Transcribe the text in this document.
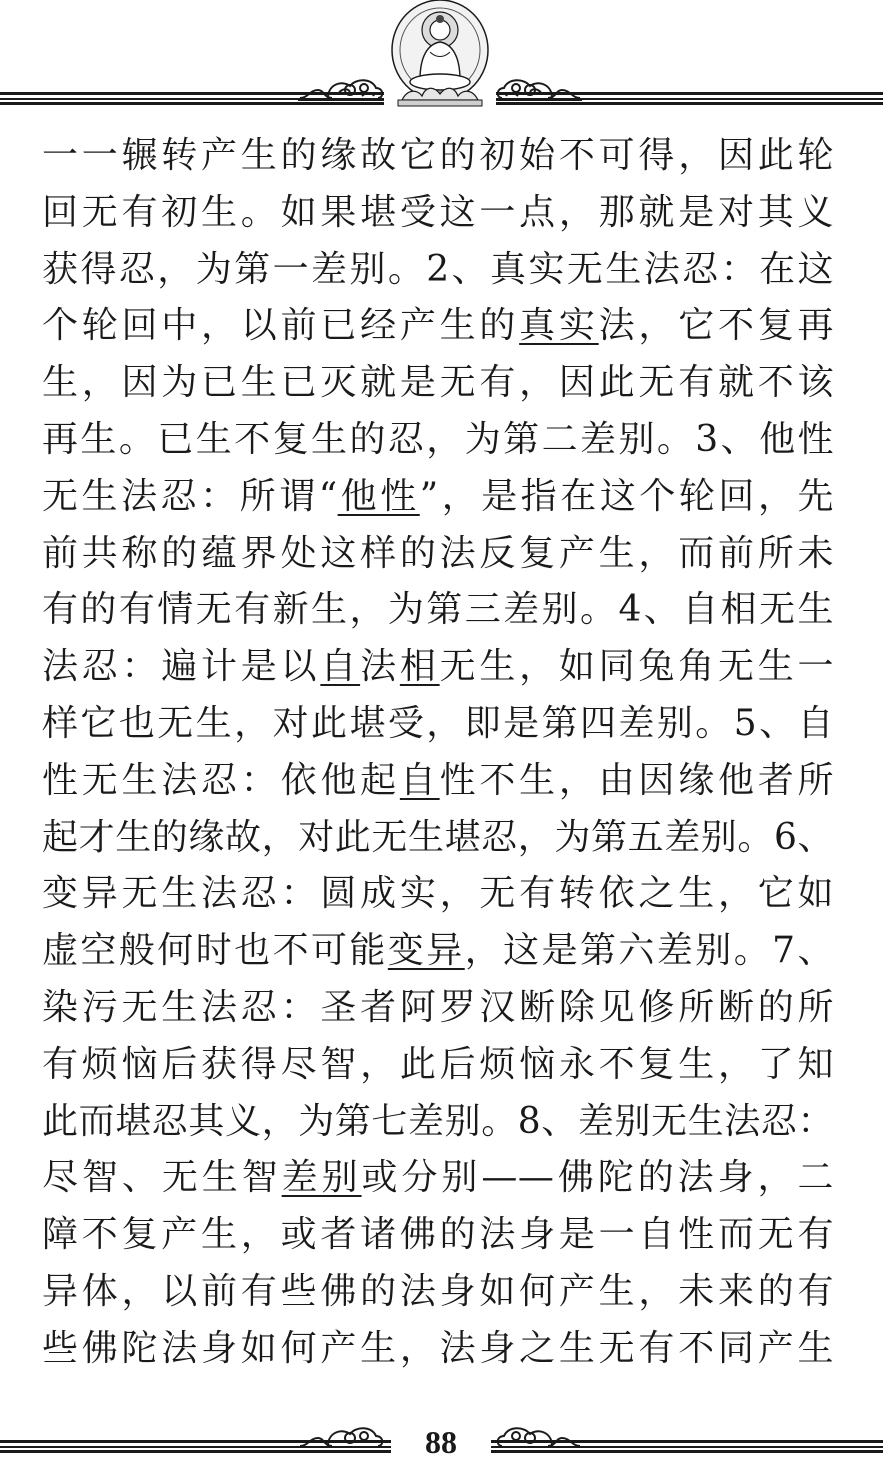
一一辗转产生的缘故它的初始不可得，因此轮
回无有初生。如果堪受这一点，那就是对其义
获得忍，为第一差别。2、真实无生法忍：在这
个轮回中，以前已经产生的真实法，它不复再
生，因为已生已灭就是无有，因此无有就不该
再生。已生不复生的忍，为第二差别。3、他性
无生法忍：所谓“他性”，是指在这个轮回，先
前共称的蕴界处这样的法反复产生，而前所未
有的有情无有新生，为第三差别。4、自相无生
法忍：遍计是以自法相无生，如同兔角无生一
样它也无生，对此堪受，即是第四差别。5、自
性无生法忍：依他起自性不生，由因缘他者所
起才生的缘故，对此无生堪忍，为第五差别。6、
变异无生法忍：圆成实，无有转依之生，它如
虚空般何时也不可能变异，这是第六差别。7、
染污无生法忍：圣者阿罗汉断除见修所断的所
有烦恼后获得尽智，此后烦恼永不复生，了知
此而堪忍其义，为第七差别。8、差别无生法忍：
尽智、无生智差别或分别——佛陀的法身，二
障不复产生，或者诸佛的法身是一自性而无有
异体，以前有些佛的法身如何产生，未来的有
些佛陀法身如何产生，法身之生无有不同产生
88
